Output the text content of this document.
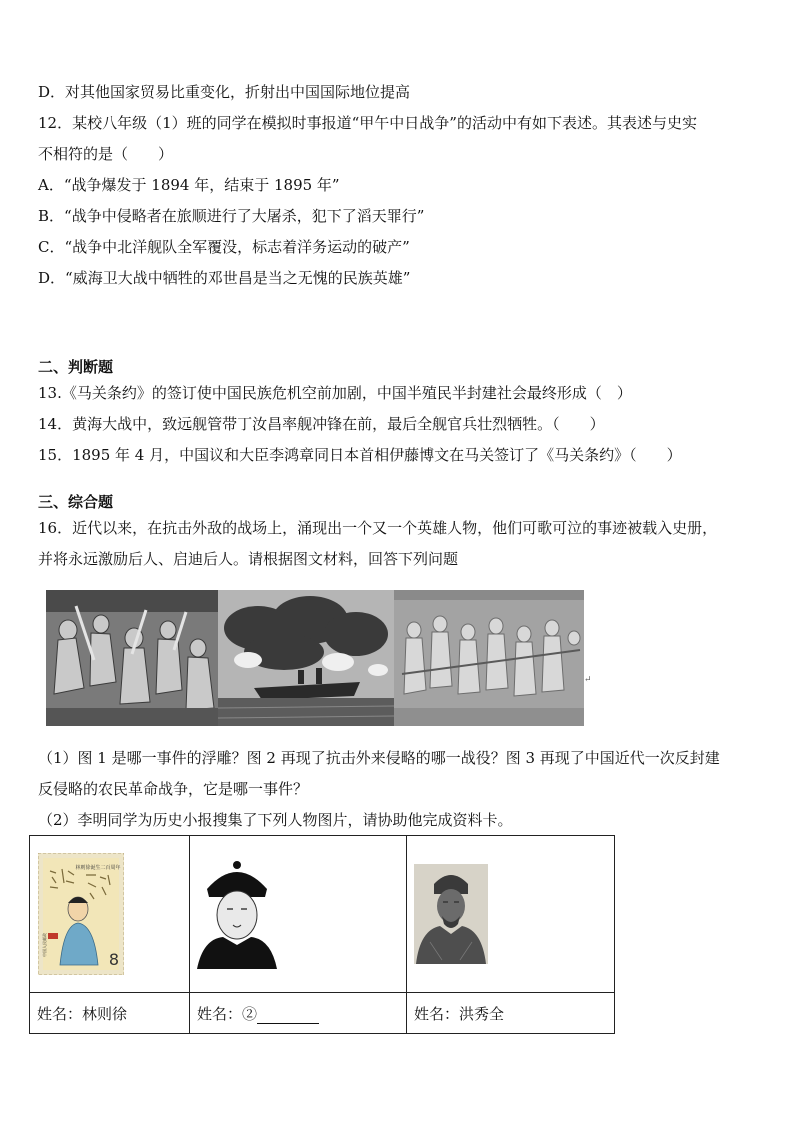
D．对其他国家贸易比重变化，折射出中国国际地位提高
12．某校八年级（1）班的同学在模拟时事报道“甲午中日战争”的活动中有如下表述。其表述与史实
不相符的是（　　）
A．“战争爆发于 1894 年，结束于 1895 年”
B．“战争中侵略者在旅顺进行了大屠杀，犯下了滔天罪行”
C．“战争中北洋舰队全军覆没，标志着洋务运动的破产”
D．“威海卫大战中牺牲的邓世昌是当之无愧的民族英雄”
二、判断题
13.《马关条约》的签订使中国民族危机空前加剧，中国半殖民半封建社会最终形成（　）
14．黄海大战中，致远舰管带丁汝昌率舰冲锋在前，最后全舰官兵壮烈牺牲。（　　）
15．1895 年 4 月，中国议和大臣李鸿章同日本首相伊藤博文在马关签订了《马关条约》（　　）
三、综合题
16．近代以来，在抗击外敌的战场上，涌现出一个又一个英雄人物，他们可歌可泣的事迹被载入史册，
并将永远激励后人、启迪后人。请根据图文材料，回答下列问题
↵
（1）图 1 是哪一事件的浮雕？图 2 再现了抗击外来侵略的哪一战役？图 3 再现了中国近代一次反封建
反侵略的农民革命战争，它是哪一事件？
（2）李明同学为历史小报搜集了下列人物图片，请协助他完成资料卡。
林则徐诞生二百周年
中国人民邮政
8

姓名：林则徐	姓名：②	姓名：洪秀全
